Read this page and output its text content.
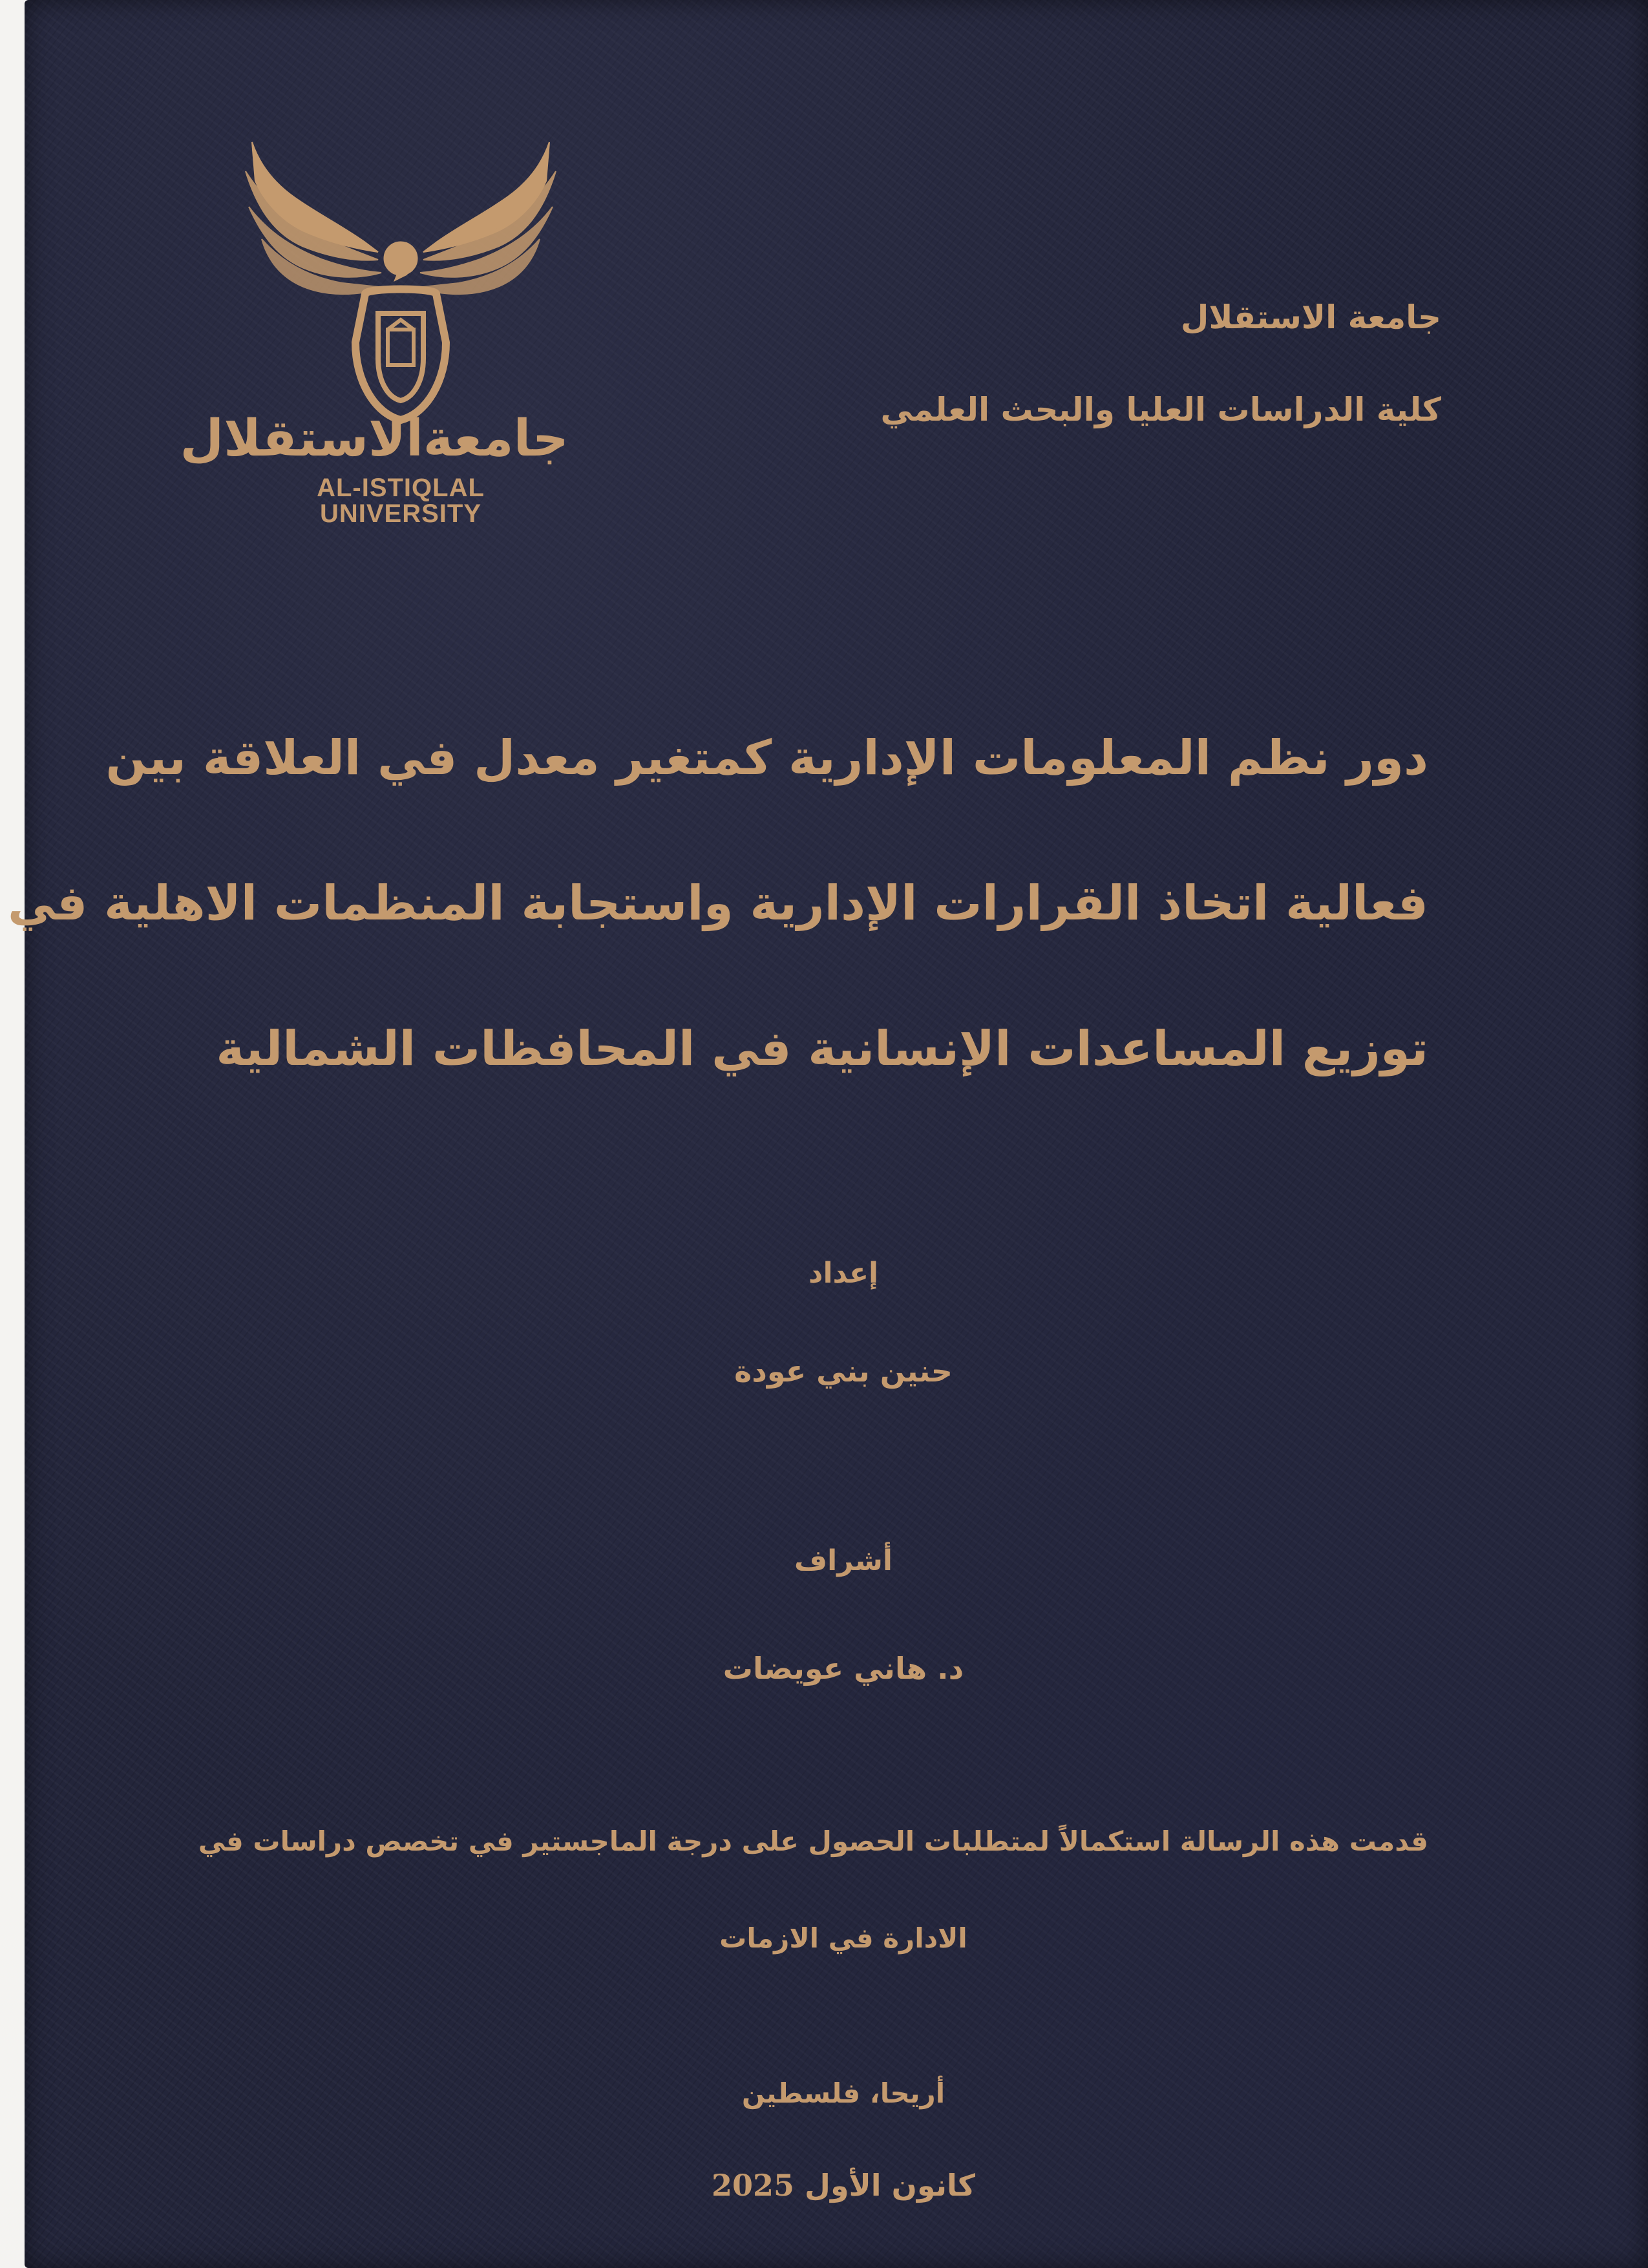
جامعةالاستقلال
AL-ISTIQLAL UNIVERSITY
جامعة الاستقلال
كلية الدراسات العليا والبحث العلمي
دور نظم المعلومات الإدارية كمتغير معدل في العلاقة بين
فعالية اتخاذ القرارات الإدارية واستجابة المنظمات الاهلية في
توزيع المساعدات الإنسانية في المحافظات الشمالية
إعداد
حنين بني عودة
أشراف
د. هاني عويضات
قدمت هذه الرسالة استكمالاً لمتطلبات الحصول على درجة الماجستير في تخصص دراسات في
الادارة في الازمات
أريحا، فلسطين
كانون الأول 2025
